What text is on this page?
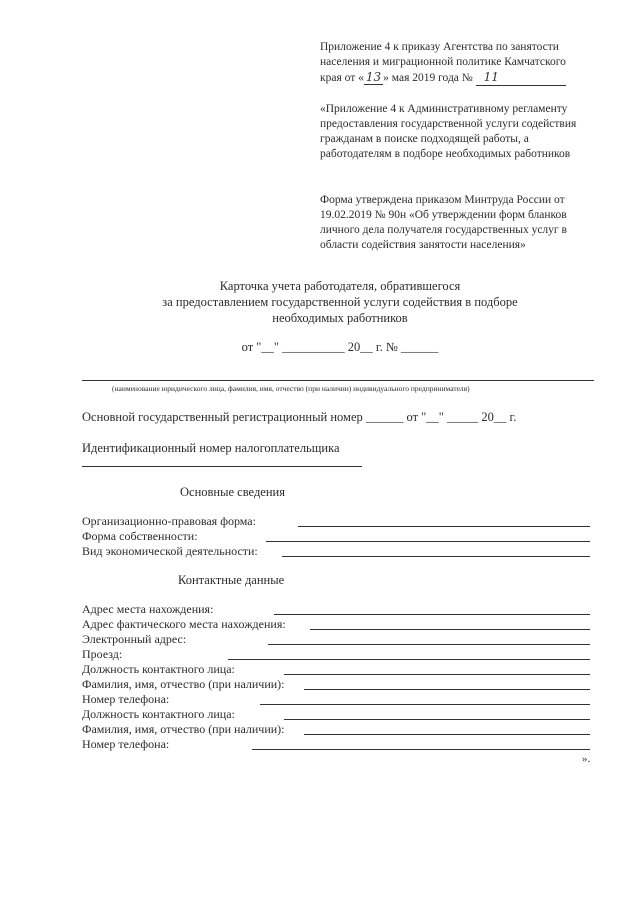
Приложение 4 к приказу Агентства по занятости
населения и миграционной политике Камчатского
края от « 13 » мая 2019 года № 11
«Приложение 4 к Административному регламенту предоставления государственной услуги содействия гражданам в поиске подходящей работы, а работодателям в подборе необходимых работников
Форма утверждена приказом Минтруда России от 19.02.2019 № 90н «Об утверждении форм бланков личного дела получателя государственных услуг в области содействия занятости населения»
Карточка учета работодателя, обратившегося
за предоставлением государственной услуги содействия в подборе
необходимых работников
от "__" __________ 20__ г. № ______
(наименование юридического лица, фамилия, имя, отчество (при наличии) индивидуального предпринимателя)
Основной государственный регистрационный номер ______ от "__" _____ 20__ г.
Идентификационный номер налогоплательщика
Основные сведения
Организационно-правовая форма:
Форма собственности:
Вид экономической деятельности:
Контактные данные
Адрес места нахождения:
Адрес фактического места нахождения:
Электронный адрес:
Проезд:
Должность контактного лица:
Фамилия, имя, отчество (при наличии):
Номер телефона:
Должность контактного лица:
Фамилия, имя, отчество (при наличии):
Номер телефона:
».
